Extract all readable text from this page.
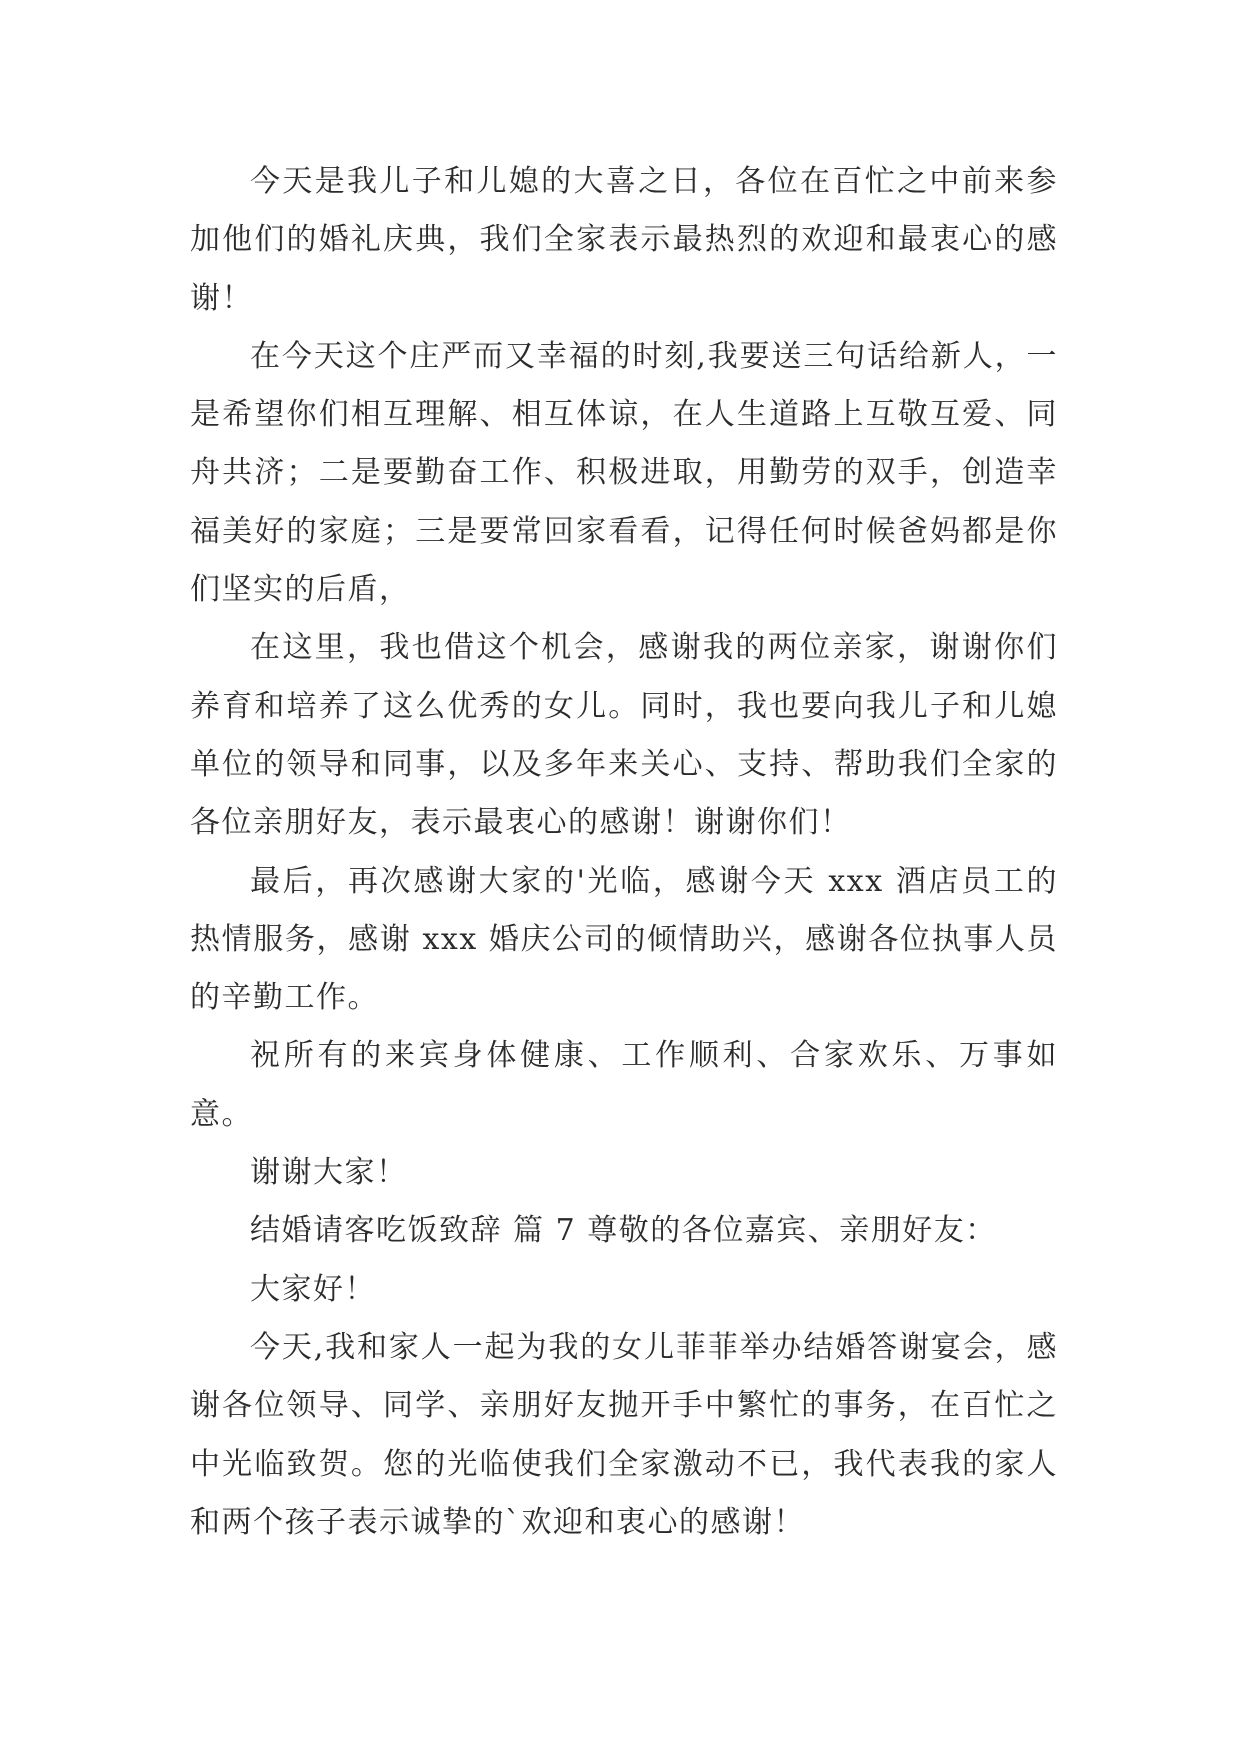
今天是我儿子和儿媳的大喜之日，各位在百忙之中前来参加他们的婚礼庆典，我们全家表示最热烈的欢迎和最衷心的感谢！

在今天这个庄严而又幸福的时刻,我要送三句话给新人，一是希望你们相互理解、相互体谅，在人生道路上互敬互爱、同舟共济；二是要勤奋工作、积极进取，用勤劳的双手，创造幸福美好的家庭；三是要常回家看看，记得任何时候爸妈都是你们坚实的后盾，

在这里，我也借这个机会，感谢我的两位亲家，谢谢你们养育和培养了这么优秀的女儿。同时，我也要向我儿子和儿媳单位的领导和同事，以及多年来关心、支持、帮助我们全家的各位亲朋好友，表示最衷心的感谢！谢谢你们！

最后，再次感谢大家的'光临，感谢今天 xxx 酒店员工的热情服务，感谢 xxx 婚庆公司的倾情助兴，感谢各位执事人员的辛勤工作。

祝所有的来宾身体健康、工作顺利、合家欢乐、万事如意。

谢谢大家！

结婚请客吃饭致辞 篇 7 尊敬的各位嘉宾、亲朋好友：

大家好！

今天,我和家人一起为我的女儿菲菲举办结婚答谢宴会，感谢各位领导、同学、亲朋好友抛开手中繁忙的事务，在百忙之中光临致贺。您的光临使我们全家激动不已，我代表我的家人和两个孩子表示诚挚的`欢迎和衷心的感谢！
